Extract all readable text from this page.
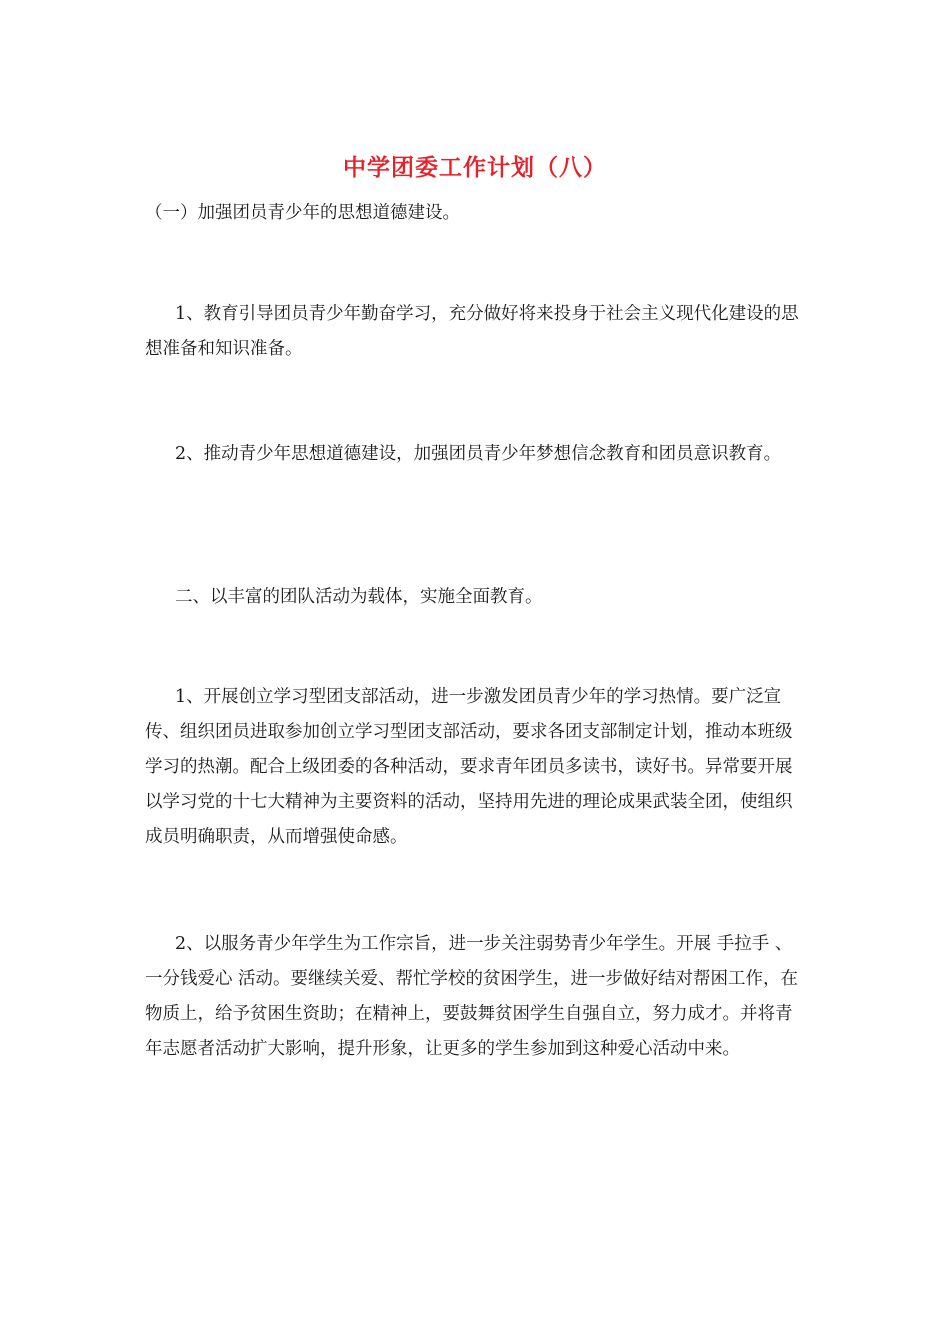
中学团委工作计划（八）

（一）加强团员青少年的思想道德建设。

1、教育引导团员青少年勤奋学习，充分做好将来投身于社会主义现代化建设的思想准备和知识准备。

2、推动青少年思想道德建设，加强团员青少年梦想信念教育和团员意识教育。

二、以丰富的团队活动为载体，实施全面教育。

1、开展创立学习型团支部活动，进一步激发团员青少年的学习热情。要广泛宣传、组织团员进取参加创立学习型团支部活动，要求各团支部制定计划，推动本班级学习的热潮。配合上级团委的各种活动，要求青年团员多读书，读好书。异常要开展以学习党的十七大精神为主要资料的活动，坚持用先进的理论成果武装全团，使组织成员明确职责，从而增强使命感。

2、以服务青少年学生为工作宗旨，进一步关注弱势青少年学生。开展 手拉手 、 一分钱爱心 活动。要继续关爱、帮忙学校的贫困学生，进一步做好结对帮困工作，在物质上，给予贫困生资助；在精神上，要鼓舞贫困学生自强自立，努力成才。并将青年志愿者活动扩大影响，提升形象，让更多的学生参加到这种爱心活动中来。
